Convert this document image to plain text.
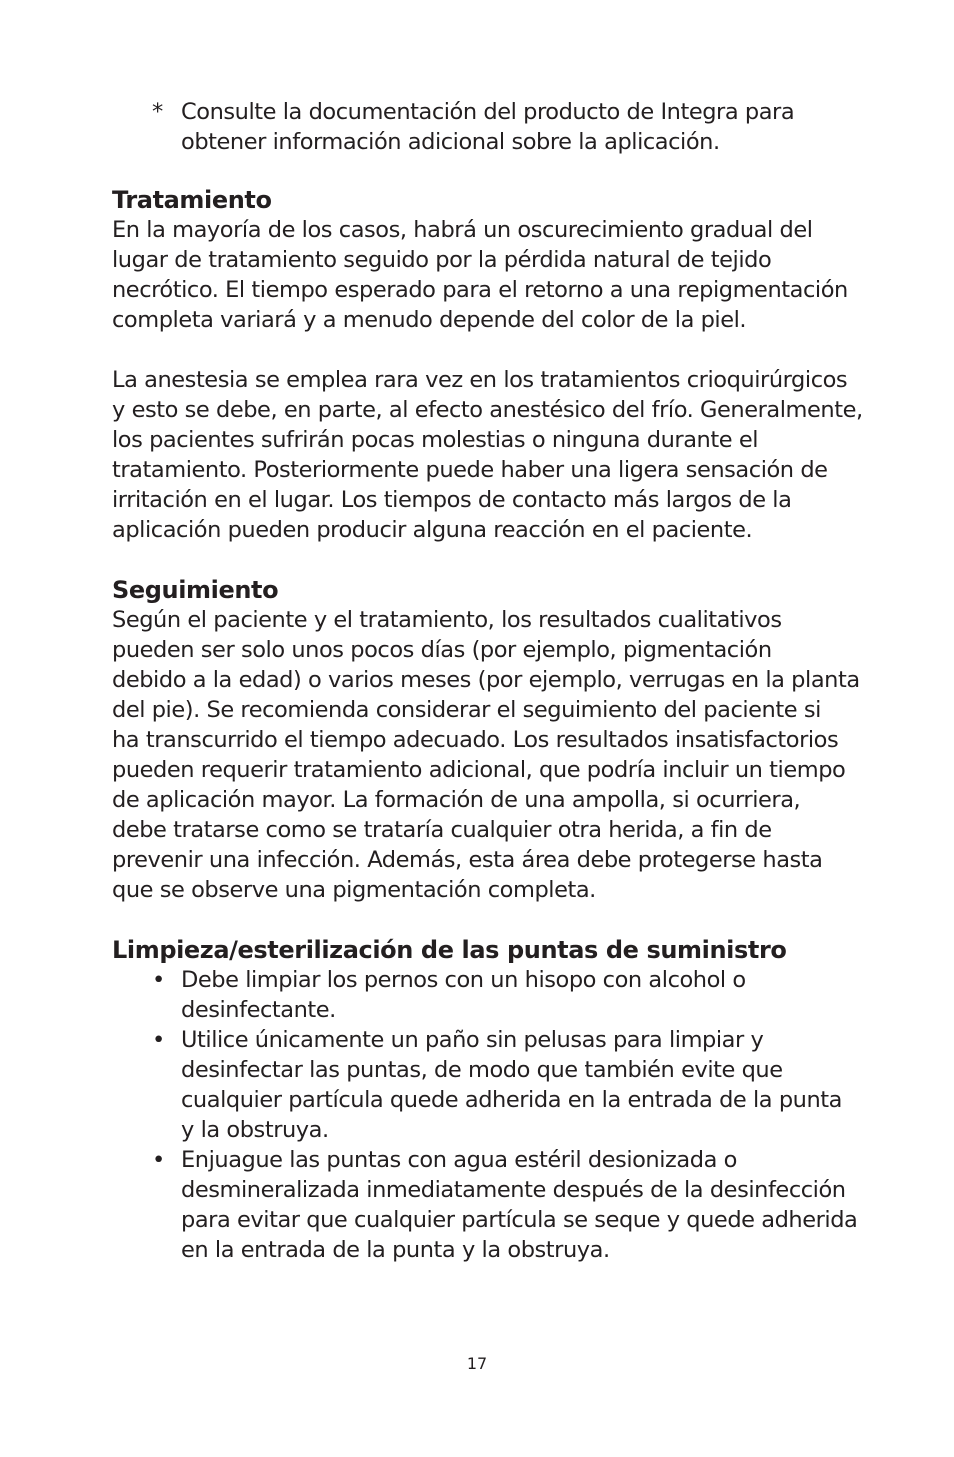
* Consulte la documentación del producto de Integra para
obtener información adicional sobre la aplicación.
Tratamiento
En la mayoría de los casos, habrá un oscurecimiento gradual del
lugar de tratamiento seguido por la pérdida natural de tejido
necrótico. El tiempo esperado para el retorno a una repigmentación
completa variará y a menudo depende del color de la piel.
La anestesia se emplea rara vez en los tratamientos crioquirúrgicos
y esto se debe, en parte, al efecto anestésico del frío. Generalmente,
los pacientes sufrirán pocas molestias o ninguna durante el
tratamiento. Posteriormente puede haber una ligera sensación de
irritación en el lugar. Los tiempos de contacto más largos de la
aplicación pueden producir alguna reacción en el paciente.
Seguimiento
Según el paciente y el tratamiento, los resultados cualitativos
pueden ser solo unos pocos días (por ejemplo, pigmentación
debido a la edad) o varios meses (por ejemplo, verrugas en la planta
del pie). Se recomienda considerar el seguimiento del paciente si
ha transcurrido el tiempo adecuado. Los resultados insatisfactorios
pueden requerir tratamiento adicional, que podría incluir un tiempo
de aplicación mayor. La formación de una ampolla, si ocurriera,
debe tratarse como se trataría cualquier otra herida, a fin de
prevenir una infección. Además, esta área debe protegerse hasta
que se observe una pigmentación completa.
Limpieza/esterilización de las puntas de suministro
• Debe limpiar los pernos con un hisopo con alcohol o
desinfectante.
• Utilice únicamente un paño sin pelusas para limpiar y
desinfectar las puntas, de modo que también evite que
cualquier partícula quede adherida en la entrada de la punta
y la obstruya.
• Enjuague las puntas con agua estéril desionizada o
desmineralizada inmediatamente después de la desinfección
para evitar que cualquier partícula se seque y quede adherida
en la entrada de la punta y la obstruya.
17
